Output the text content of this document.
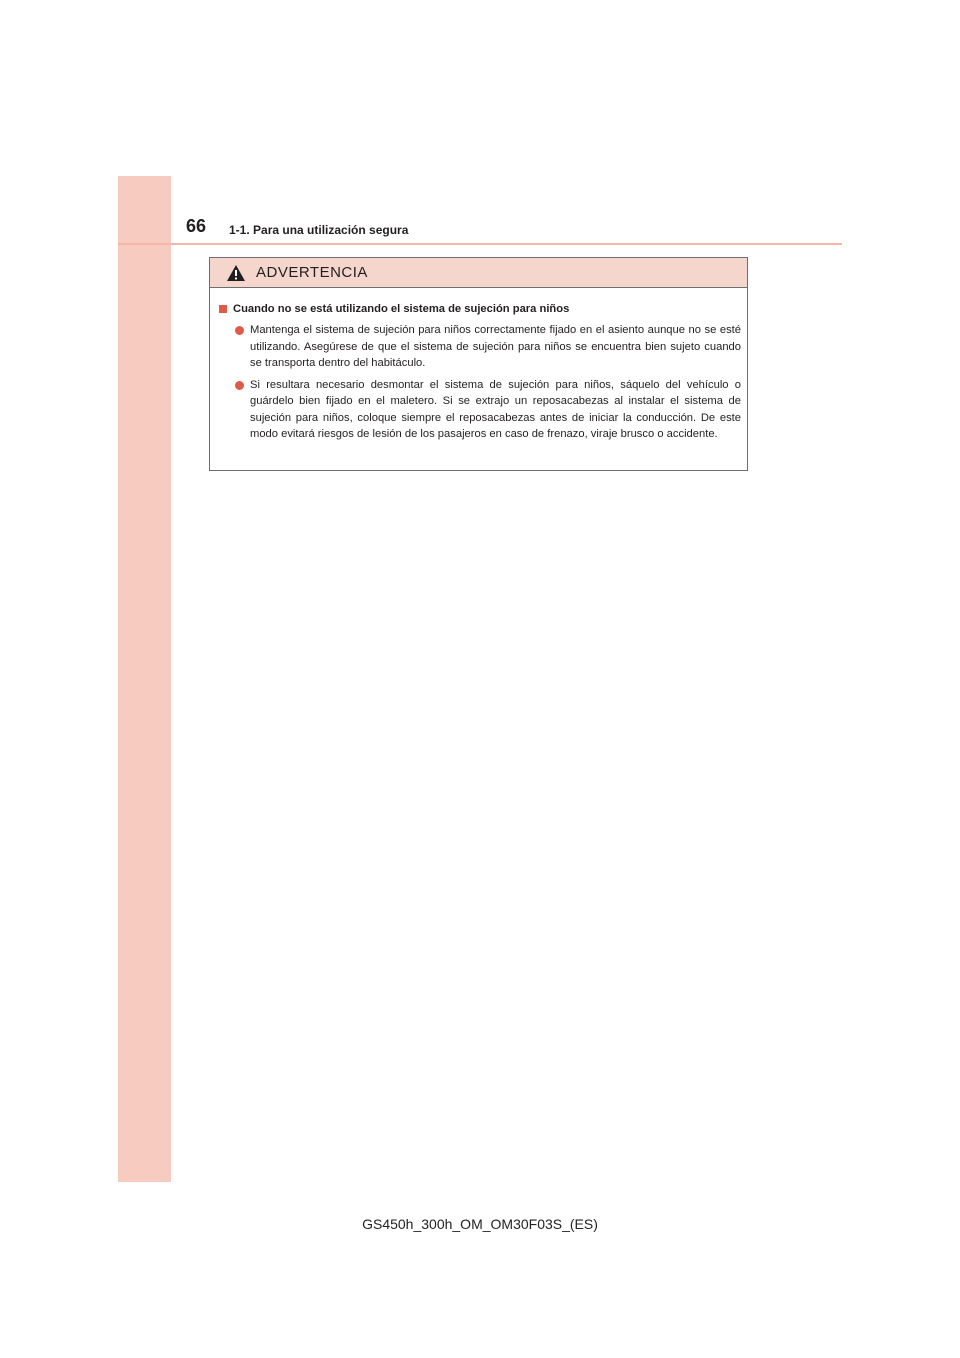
66 1-1. Para una utilización segura
ADVERTENCIA
Cuando no se está utilizando el sistema de sujeción para niños
Mantenga el sistema de sujeción para niños correctamente fijado en el asiento aunque no se esté utilizando. Asegúrese de que el sistema de sujeción para niños se encuentra bien sujeto cuando se transporta dentro del habitáculo.
Si resultara necesario desmontar el sistema de sujeción para niños, sáquelo del vehículo o guárdelo bien fijado en el maletero. Si se extrajo un reposacabezas al instalar el sistema de sujeción para niños, coloque siempre el reposacabezas antes de iniciar la conducción. De este modo evitará riesgos de lesión de los pasajeros en caso de frenazo, viraje brusco o accidente.
GS450h_300h_OM_OM30F03S_(ES)
